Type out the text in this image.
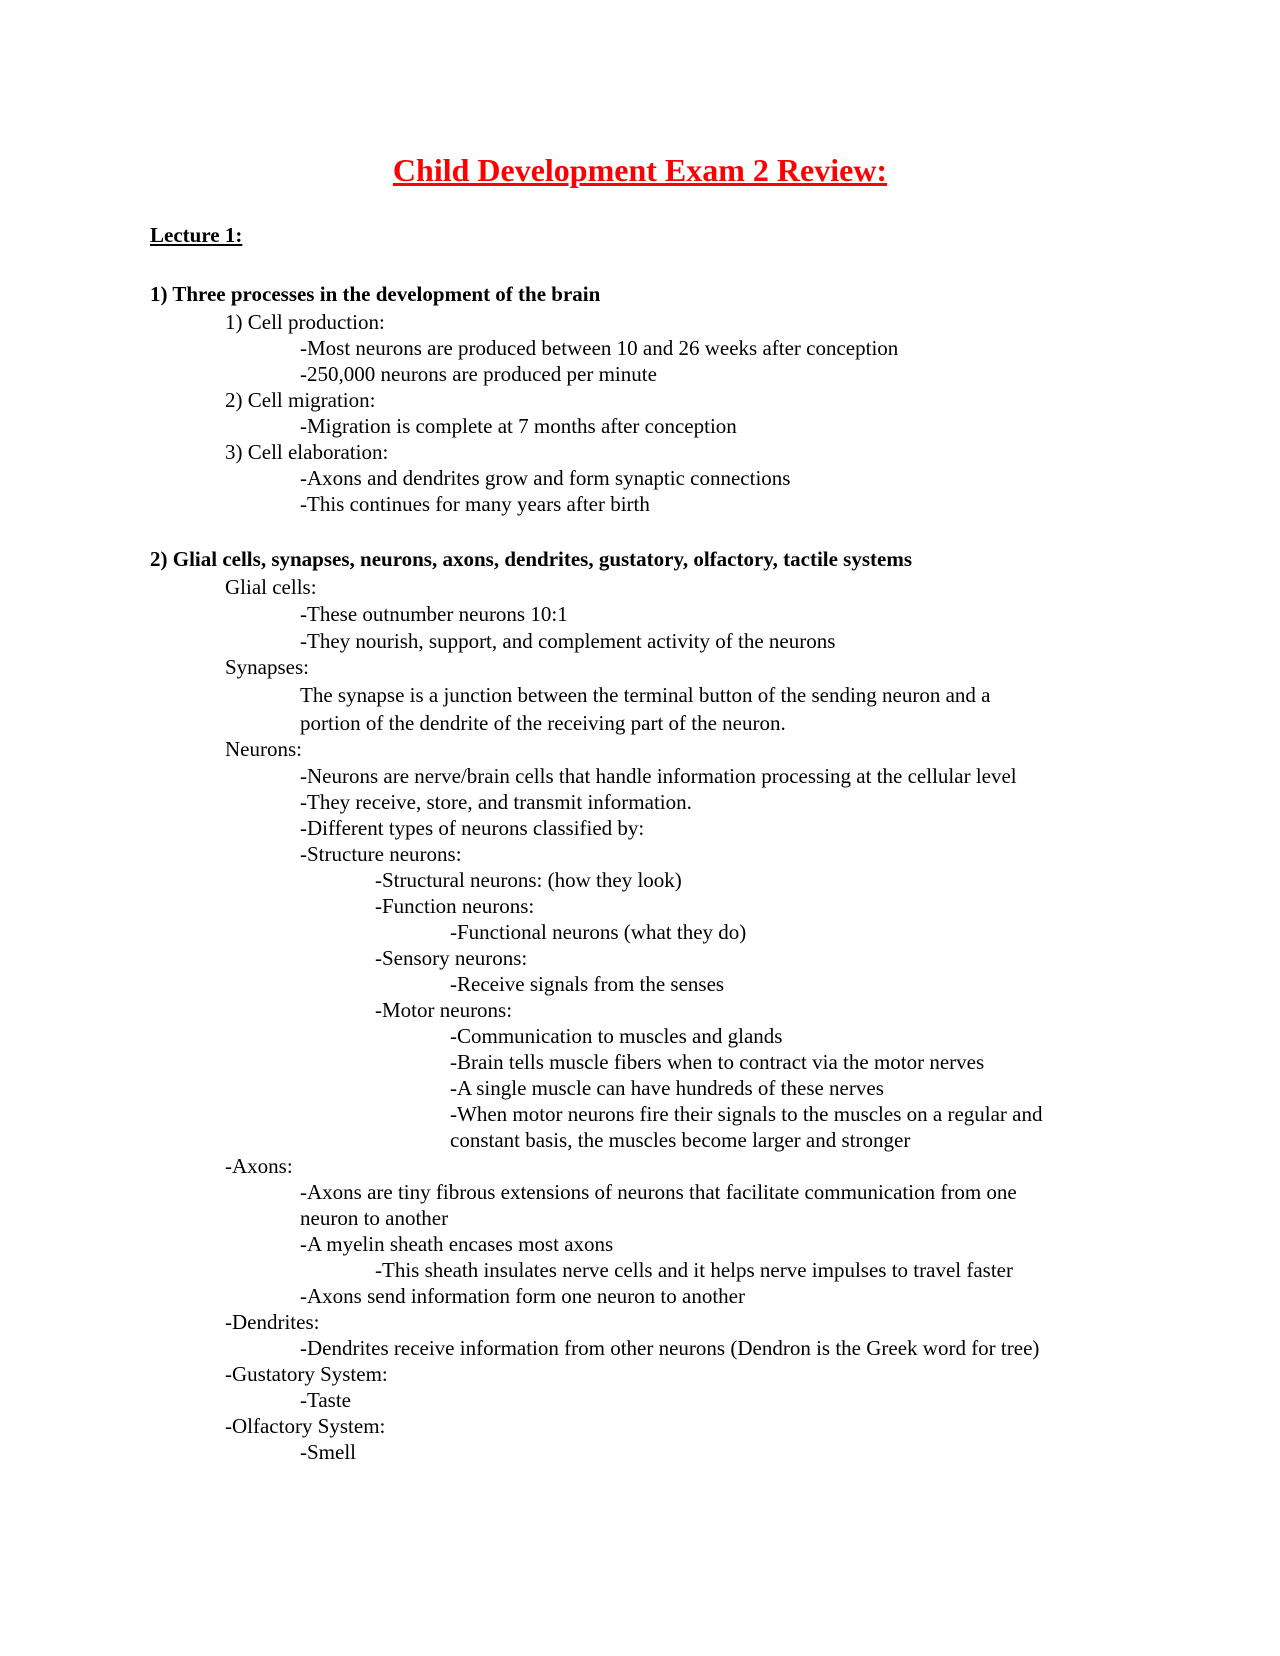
Child Development Exam 2 Review:
Lecture 1:
1) Three processes in the development of the brain
1) Cell production:
-Most neurons are produced between 10 and 26 weeks after conception
-250,000 neurons are produced per minute
2) Cell migration:
-Migration is complete at 7 months after conception
3) Cell elaboration:
-Axons and dendrites grow and form synaptic connections
-This continues for many years after birth
2) Glial cells, synapses, neurons, axons, dendrites, gustatory, olfactory, tactile systems
Glial cells:
-These outnumber neurons 10:1
-They nourish, support, and complement activity of the neurons
Synapses:
The synapse is a junction between the terminal button of the sending neuron and a
portion of the dendrite of the receiving part of the neuron.
Neurons:
-Neurons are nerve/brain cells that handle information processing at the cellular level
-They receive, store, and transmit information.
-Different types of neurons classified by:
-Structure neurons:
-Structural neurons: (how they look)
-Function neurons:
-Functional neurons (what they do)
-Sensory neurons:
-Receive signals from the senses
-Motor neurons:
-Communication to muscles and glands
-Brain tells muscle fibers when to contract via the motor nerves
-A single muscle can have hundreds of these nerves
-When motor neurons fire their signals to the muscles on a regular and
constant basis, the muscles become larger and stronger
-Axons:
-Axons are tiny fibrous extensions of neurons that facilitate communication from one
neuron to another
-A myelin sheath encases most axons
-This sheath insulates nerve cells and it helps nerve impulses to travel faster
-Axons send information form one neuron to another
-Dendrites:
-Dendrites receive information from other neurons (Dendron is the Greek word for tree)
-Gustatory System:
-Taste
-Olfactory System:
-Smell
